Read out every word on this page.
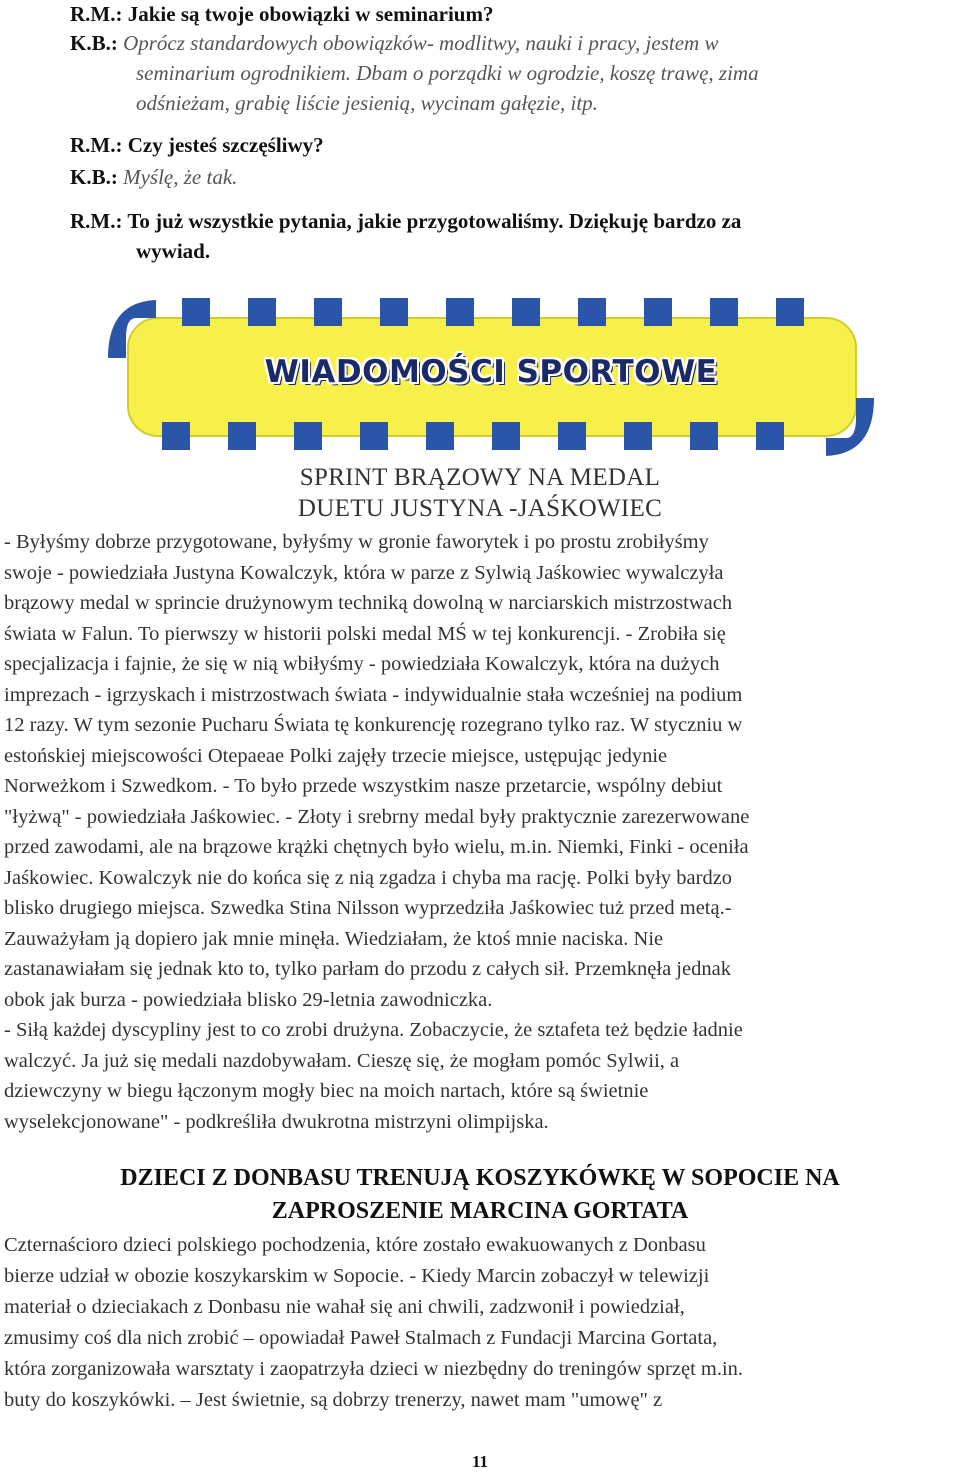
R.M.: Jakie są twoje obowiązki w seminarium?
K.B.: Oprócz standardowych obowiązków- modlitwy, nauki i pracy, jestem w
seminarium ogrodnikiem. Dbam o porządki w ogrodzie, koszę trawę, zima
odśnieżam, grabię liście jesienią, wycinam gałęzie, itp.
R.M.: Czy jesteś szczęśliwy?
K.B.: Myślę, że tak.
R.M.: To już wszystkie pytania, jakie przygotowaliśmy. Dziękuję bardzo za
wywiad.
WIADOMOŚCI SPORTOWE
SPRINT BRĄZOWY NA MEDAL
DUETU JUSTYNA -JAŚKOWIEC

- Byłyśmy dobrze przygotowane, byłyśmy w gronie faworytek i po prostu zrobiłyśmy

swoje - powiedziała Justyna Kowalczyk, która w parze z Sylwią Jaśkowiec wywalczyła

brązowy medal w sprincie drużynowym techniką dowolną w narciarskich mistrzostwach

świata w Falun. To pierwszy w historii polski medal MŚ w tej konkurencji. - Zrobiła się

specjalizacja i fajnie, że się w nią wbiłyśmy - powiedziała Kowalczyk, która na dużych

imprezach - igrzyskach i mistrzostwach świata - indywidualnie stała wcześniej na podium

12 razy. W tym sezonie Pucharu Świata tę konkurencję rozegrano tylko raz. W styczniu w

estońskiej miejscowości Otepaeae Polki zajęły trzecie miejsce, ustępując jedynie

Norweżkom i Szwedkom. - To było przede wszystkim nasze przetarcie, wspólny debiut

"łyżwą" - powiedziała Jaśkowiec. - Złoty i srebrny medal były praktycznie zarezerwowane

przed zawodami, ale na brązowe krążki chętnych było wielu, m.in. Niemki, Finki - oceniła

Jaśkowiec. Kowalczyk nie do końca się z nią zgadza i chyba ma rację. Polki były bardzo

blisko drugiego miejsca. Szwedka Stina Nilsson wyprzedziła Jaśkowiec tuż przed metą.-

Zauważyłam ją dopiero jak mnie minęła. Wiedziałam, że ktoś mnie naciska. Nie

zastanawiałam się jednak kto to, tylko parłam do przodu z całych sił. Przemknęła jednak

obok jak burza - powiedziała blisko 29-letnia zawodniczka.

- Siłą każdej dyscypliny jest to co zrobi drużyna. Zobaczycie, że sztafeta też będzie ładnie

walczyć. Ja już się medali nazdobywałam. Cieszę się, że mogłam pomóc Sylwii, a

dziewczyny w biegu łączonym mogły biec na moich nartach, które są świetnie

wyselekcjonowane" - podkreśliła dwukrotna mistrzyni olimpijska.

DZIECI Z DONBASU TRENUJĄ KOSZYKÓWKĘ W SOPOCIE NA
ZAPROSZENIE MARCINA GORTATA

Czternaścioro dzieci polskiego pochodzenia, które zostało ewakuowanych z Donbasu

bierze udział w obozie koszykarskim w Sopocie. - Kiedy Marcin zobaczył w telewizji

materiał o dzieciakach z Donbasu nie wahał się ani chwili, zadzwonił i powiedział,

zmusimy coś dla nich zrobić – opowiadał Paweł Stalmach z Fundacji Marcina Gortata,

która zorganizowała warsztaty i zaopatrzyła dzieci w niezbędny do treningów sprzęt m.in.

buty do koszykówki. – Jest świetnie, są dobrzy trenerzy, nawet mam "umowę" z

11
